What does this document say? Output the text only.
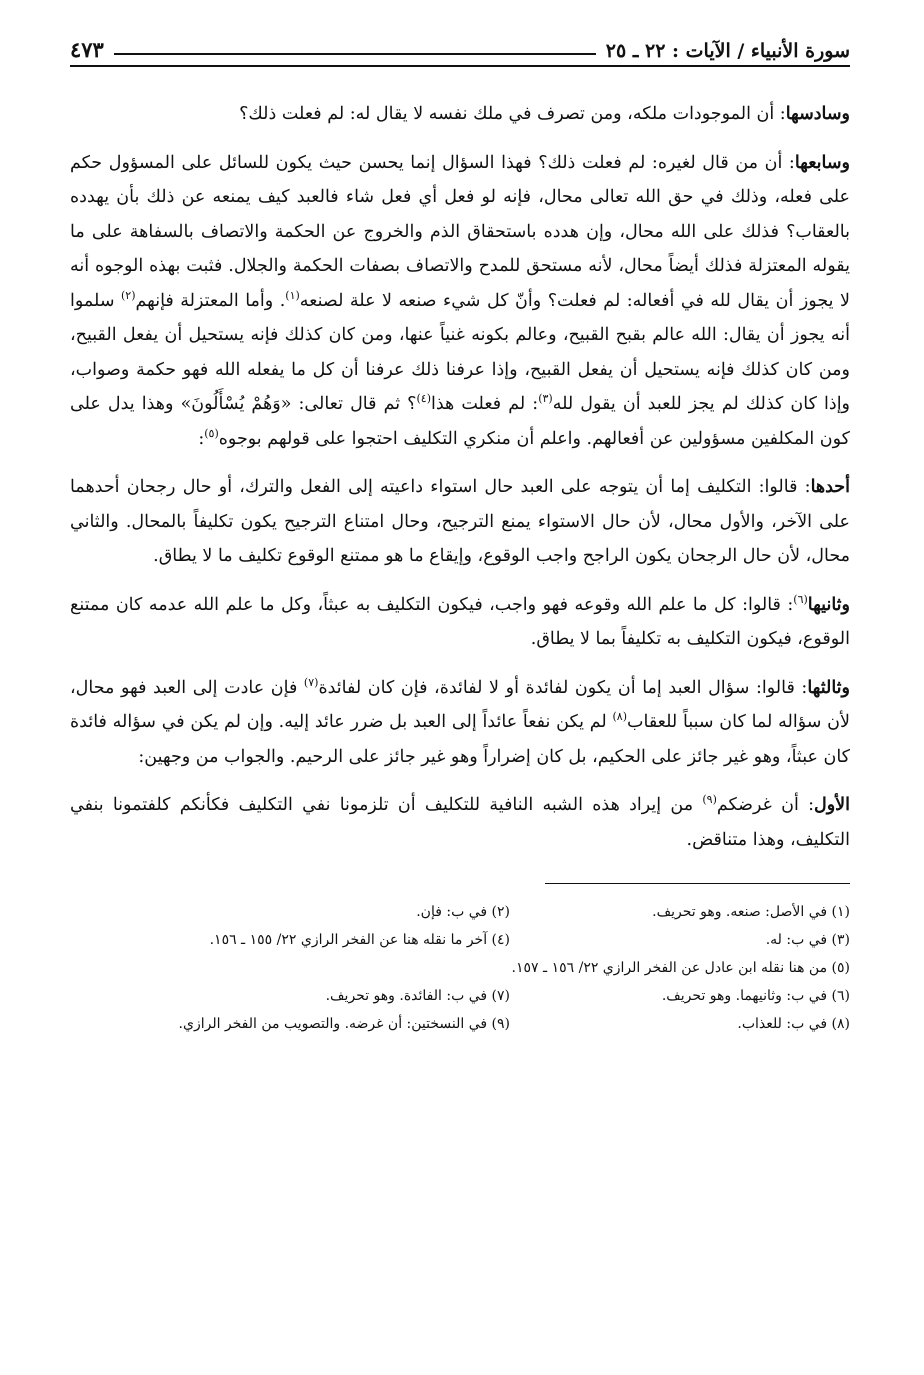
سورة الأنبياء / الآيات : ٢٢ ـ ٢٥
٤٧٣

وسادسها: أن الموجودات ملكه، ومن تصرف في ملك نفسه لا يقال له: لم فعلت ذلك؟

وسابعها: أن من قال لغيره: لم فعلت ذلك؟ فهذا السؤال إنما يحسن حيث يكون للسائل على المسؤول حكم على فعله، وذلك في حق الله تعالى محال، فإنه لو فعل أي فعل شاء فالعبد كيف يمنعه عن ذلك بأن يهدده بالعقاب؟ فذلك على الله محال، وإن هدده باستحقاق الذم والخروج عن الحكمة والاتصاف بالسفاهة على ما يقوله المعتزلة فذلك أيضاً محال، لأنه مستحق للمدح والاتصاف بصفات الحكمة والجلال. فثبت بهذه الوجوه أنه لا يجوز أن يقال لله في أفعاله: لم فعلت؟ وأنّ كل شيء صنعه لا علة لصنعه$^{(١)}$. وأما المعتزلة فإنهم$^{(٢)}$ سلموا أنه يجوز أن يقال: الله عالم بقبح القبيح، وعالم بكونه غنياً عنها، ومن كان كذلك فإنه يستحيل أن يفعل القبيح، ومن كان كذلك فإنه يستحيل أن يفعل القبيح، وإذا عرفنا ذلك عرفنا أن كل ما يفعله الله فهو حكمة وصواب، وإذا كان كذلك لم يجز للعبد أن يقول لله$^{(٣)}$: لم فعلت هذا$^{(٤)}$؟ ثم قال تعالى: «وَهُمْ يُسْأَلُونَ» وهذا يدل على كون المكلفين مسؤولين عن أفعالهم. واعلم أن منكري التكليف احتجوا على قولهم بوجوه$^{(٥)}$:

أحدها: قالوا: التكليف إما أن يتوجه على العبد حال استواء داعيته إلى الفعل والترك، أو حال رجحان أحدهما على الآخر، والأول محال، لأن حال الاستواء يمنع الترجيح، وحال امتناع الترجيح يكون تكليفاً بالمحال. والثاني محال، لأن حال الرجحان يكون الراجح واجب الوقوع، وإيقاع ما هو ممتنع الوقوع تكليف ما لا يطاق.

وثانيها$^{(٦)}$: قالوا: كل ما علم الله وقوعه فهو واجب، فيكون التكليف به عبثاً، وكل ما علم الله عدمه كان ممتنع الوقوع، فيكون التكليف به تكليفاً بما لا يطاق.

وثالثها: قالوا: سؤال العبد إما أن يكون لفائدة أو لا لفائدة، فإن كان لفائدة$^{(٧)}$ فإن عادت إلى العبد فهو محال، لأن سؤاله لما كان سبباً للعقاب$^{(٨)}$ لم يكن نفعاً عائداً إلى العبد بل ضرر عائد إليه. وإن لم يكن في سؤاله فائدة كان عبثاً، وهو غير جائز على الحكيم، بل كان إضراراً وهو غير جائز على الرحيم. والجواب من وجهين:

الأول: أن غرضكم$^{(٩)}$ من إيراد هذه الشبه النافية للتكليف أن تلزمونا نفي التكليف فكأنكم كلفتمونا بنفي التكليف، وهذا متناقض.

(١) في الأصل: صنعه. وهو تحريف.
(٢) في ب: فإن.
(٣) في ب: له.
(٤) آخر ما نقله هنا عن الفخر الرازي ٢٢/ ١٥٥ ـ ١٥٦.
(٥) من هنا نقله ابن عادل عن الفخر الرازي ٢٢/ ١٥٦ ـ ١٥٧.
(٦) في ب: وثانيهما. وهو تحريف.
(٧) في ب: الفائدة. وهو تحريف.
(٨) في ب: للعذاب.
(٩) في النسختين: أن غرضه. والتصويب من الفخر الرازي.
